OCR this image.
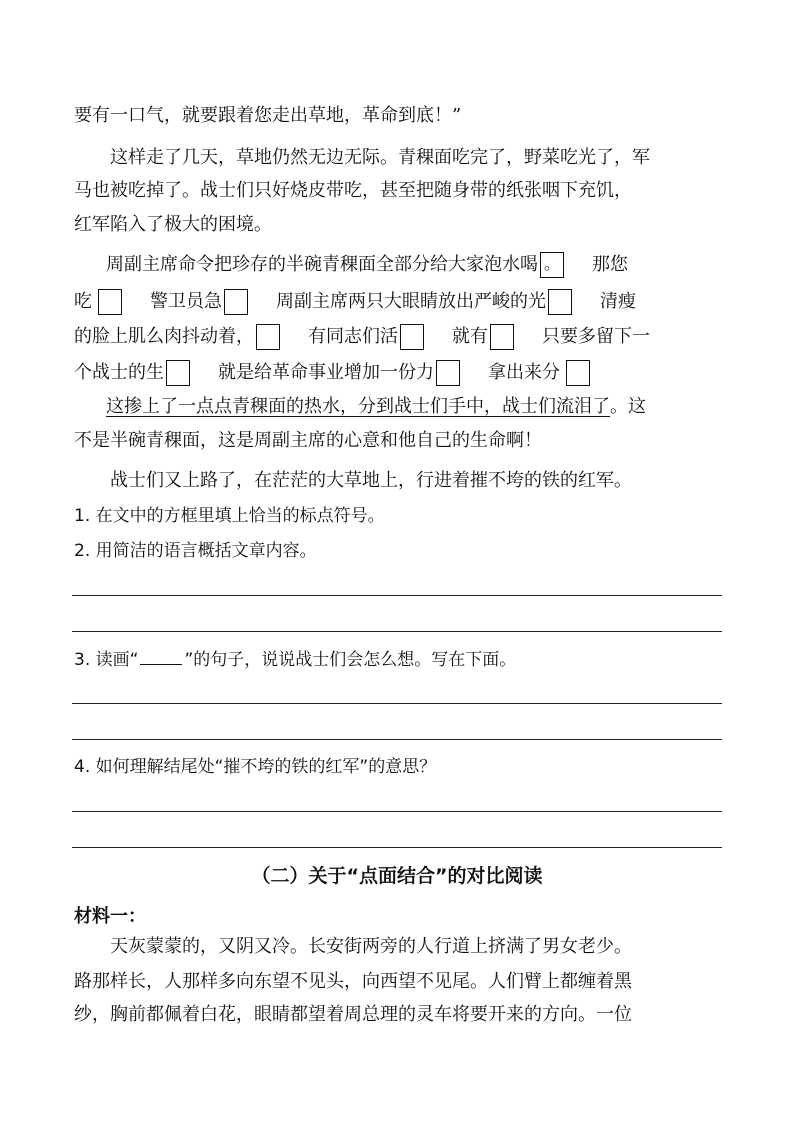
要有一口气，就要跟着您走出草地，革命到底！”
这样走了几天，草地仍然无边无际。青稞面吃完了，野菜吃光了，军
马也被吃掉了。战士们只好烧皮带吃，甚至把随身带的纸张咽下充饥，
红军陷入了极大的困境。
周副主席命令把珍存的半碗青稞面全部分给大家泡水喝 。 那您
吃	警卫员急	周副主席两只大眼睛放出严峻的光	清瘦
的脸上肌么肉抖动着，	有同志们活	就有	只要多留下一
个战士的生	就是给革命事业增加一份力	拿出来分
这掺上了一点点青稞面的热水，分到战士们手中，战士们流泪了。这
不是半碗青稞面，这是周副主席的心意和他自己的生命啊！
战士们又上路了，在茫茫的大草地上，行进着摧不垮的铁的红军。
1. 在文中的方框里填上恰当的标点符号。
2. 用简洁的语言概括文章内容。
3. 读画“	”的句子，说说战士们会怎么想。写在下面。
4. 如何理解结尾处“摧不垮的铁的红军”的意思？
（二）关于“点面结合”的对比阅读
材料一：
天灰蒙蒙的，又阴又冷。长安街两旁的人行道上挤满了男女老少。
路那样长，人那样多向东望不见头，向西望不见尾。人们臂上都缠着黑
纱，胸前都佩着白花，眼睛都望着周总理的灵车将要开来的方向。一位
